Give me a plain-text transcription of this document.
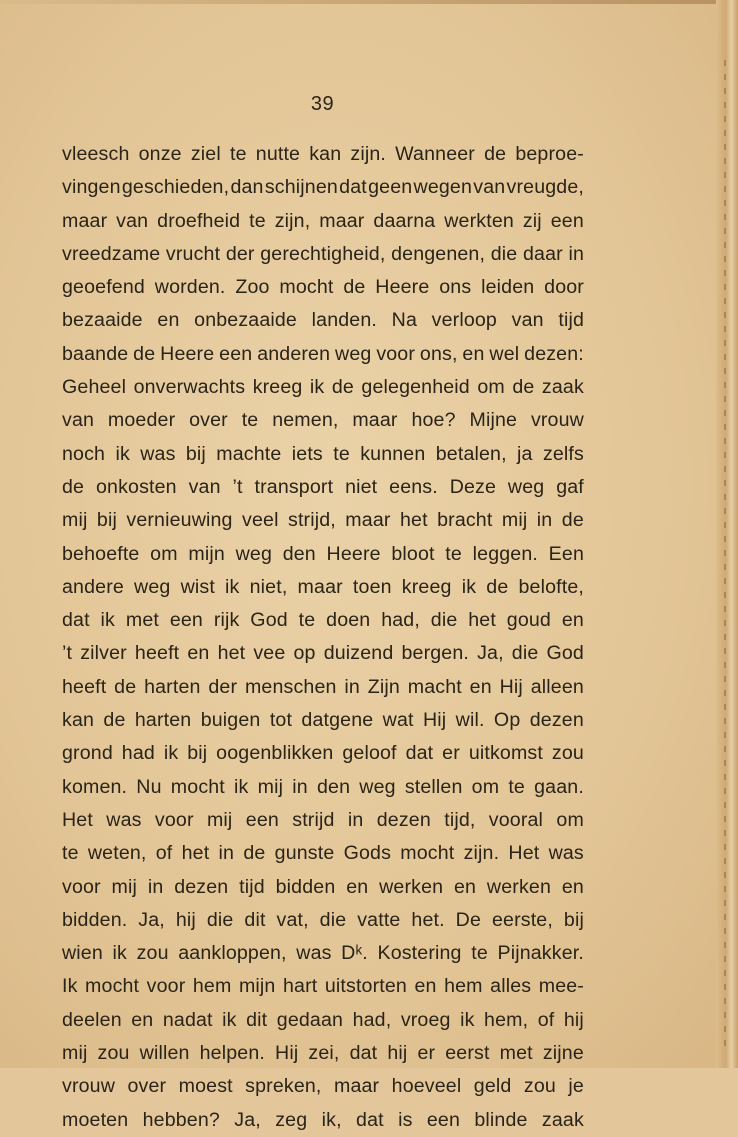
39
vleesch onze ziel te nutte kan zijn. Wanneer de beproe-
vingen geschieden, dan schijnen dat geen wegen van vreugde,
maar van droefheid te zijn, maar daarna werkten zij een
vreedzame vrucht der gerechtigheid, dengenen, die daar in
geoefend worden. Zoo mocht de Heere ons leiden door
bezaaide en onbezaaide landen. Na verloop van tijd
baande de Heere een anderen weg voor ons, en wel dezen:
Geheel onverwachts kreeg ik de gelegenheid om de zaak
van moeder over te nemen, maar hoe? Mijne vrouw
noch ik was bij machte iets te kunnen betalen, ja zelfs
de onkosten van ’t transport niet eens. Deze weg gaf
mij bij vernieuwing veel strijd, maar het bracht mij in de
behoefte om mijn weg den Heere bloot te leggen. Een
andere weg wist ik niet, maar toen kreeg ik de belofte,
dat ik met een rijk God te doen had, die het goud en
’t zilver heeft en het vee op duizend bergen. Ja, die God
heeft de harten der menschen in Zijn macht en Hij alleen
kan de harten buigen tot datgene wat Hij wil. Op dezen
grond had ik bij oogenblikken geloof dat er uitkomst zou
komen. Nu mocht ik mij in den weg stellen om te gaan.
Het was voor mij een strijd in dezen tijd, vooral om
te weten, of het in de gunste Gods mocht zijn. Het was
voor mij in dezen tijd bidden en werken en werken en
bidden. Ja, hij die dit vat, die vatte het. De eerste, bij
wien ik zou aankloppen, was Dᵏ. Kostering te Pijnakker.
Ik mocht voor hem mijn hart uitstorten en hem alles mee-
deelen en nadat ik dit gedaan had, vroeg ik hem, of hij
mij zou willen helpen. Hij zei, dat hij er eerst met zijne
vrouw over moest spreken, maar hoeveel geld zou je
moeten hebben? Ja, zeg ik, dat is een blinde zaak
